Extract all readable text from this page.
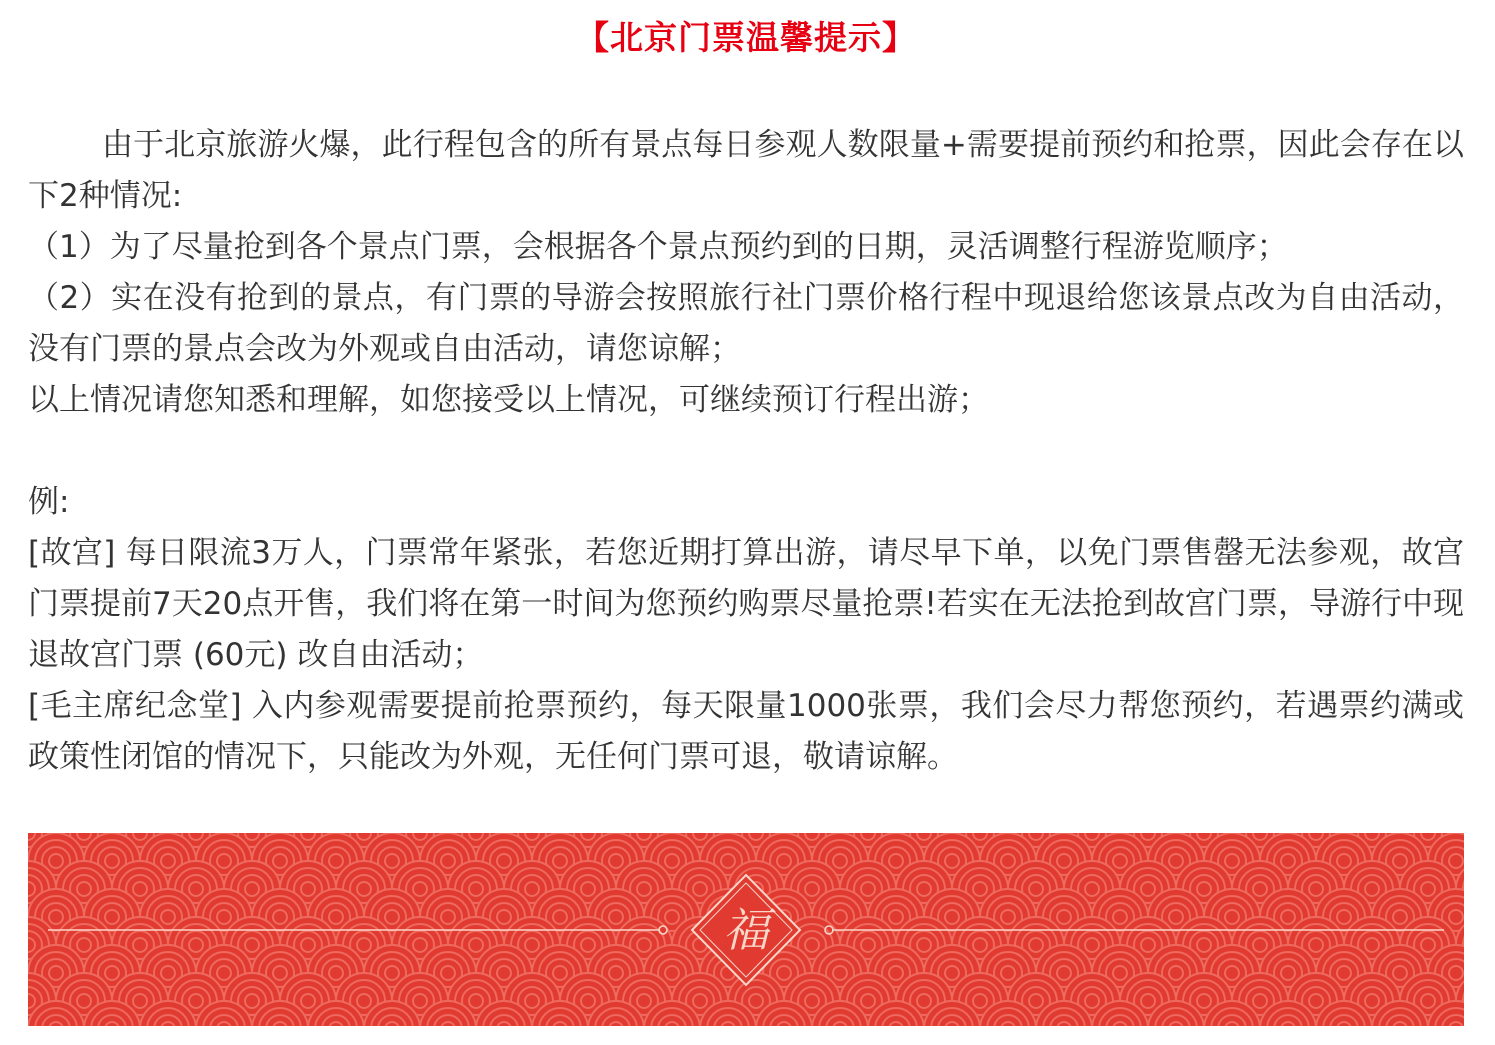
【北京门票温馨提示】

由于北京旅游火爆，此行程包含的所有景点每日参观人数限量+需要提前预约和抢票，因此会存在以下2种情况:

（1）为了尽量抢到各个景点门票，会根据各个景点预约到的日期，灵活调整行程游览顺序；

（2）实在没有抢到的景点，有门票的导游会按照旅行社门票价格行程中现退给您该景点改为自由活动，没有门票的景点会改为外观或自由活动，请您谅解；

以上情况请您知悉和理解，如您接受以上情况，可继续预订行程出游；

例:

[故宫] 每日限流3万人，门票常年紧张，若您近期打算出游，请尽早下单，以免门票售罄无法参观，故宫门票提前7天20点开售，我们将在第一时间为您预约购票尽量抢票!若实在无法抢到故宫门票，导游行中现退故宫门票 (60元) 改自由活动；

[毛主席纪念堂] 入内参观需要提前抢票预约，每天限量1000张票，我们会尽力帮您预约，若遇票约满或政策性闭馆的情况下，只能改为外观，无任何门票可退，敬请谅解。

福
